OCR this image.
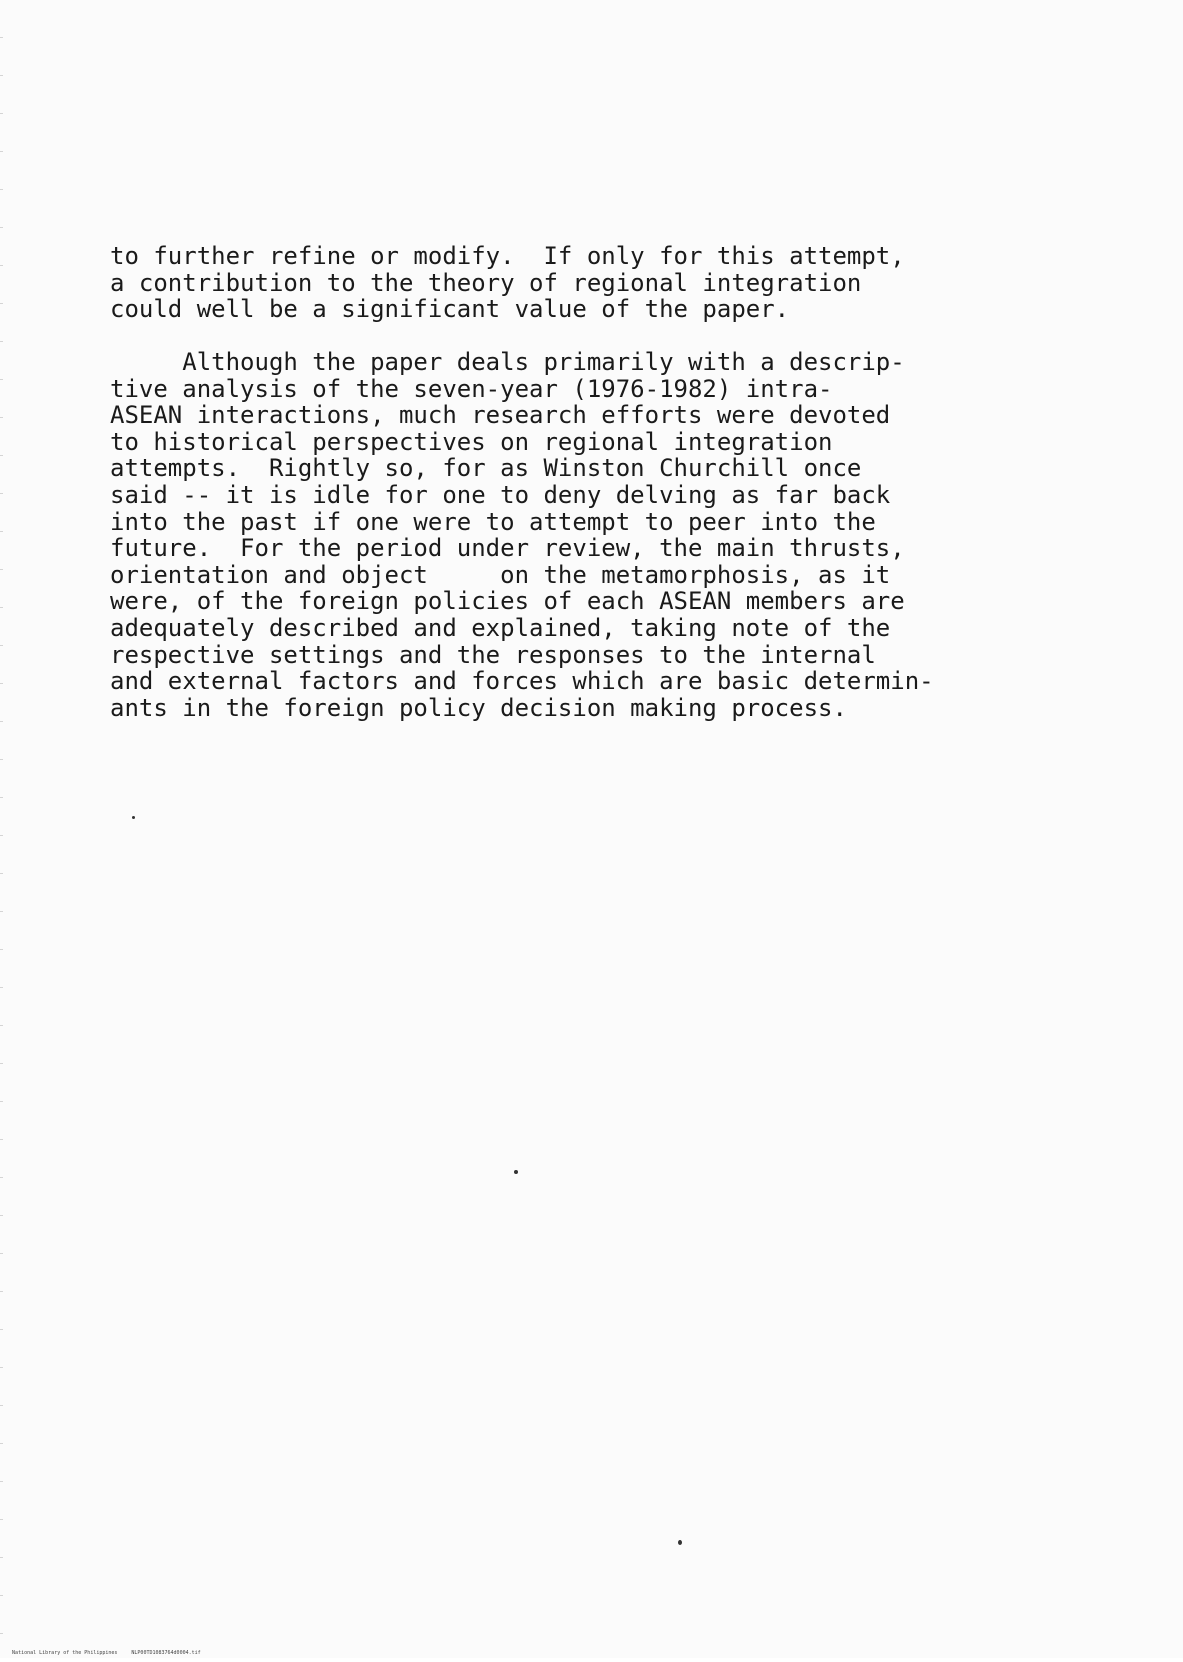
to further refine or modify.  If only for this attempt,
a contribution to the theory of regional integration
could well be a significant value of the paper.
Although the paper deals primarily with a descrip-
tive analysis of the seven-year (1976-1982) intra-
ASEAN interactions, much research efforts were devoted
to historical perspectives on regional integration
attempts.  Rightly so, for as Winston Churchill once
said -- it is idle for one to deny delving as far back
into the past if one were to attempt to peer into the
future.  For the period under review, the main thrusts,
orientation and object     on the metamorphosis, as it
were, of the foreign policies of each ASEAN members are
adequately described and explained, taking note of the
respective settings and the responses to the internal
and external factors and forces which are basic determin-
ants in the foreign policy decision making process.

National Library of the Philippines	NLP00TD1083764d0004.tif
